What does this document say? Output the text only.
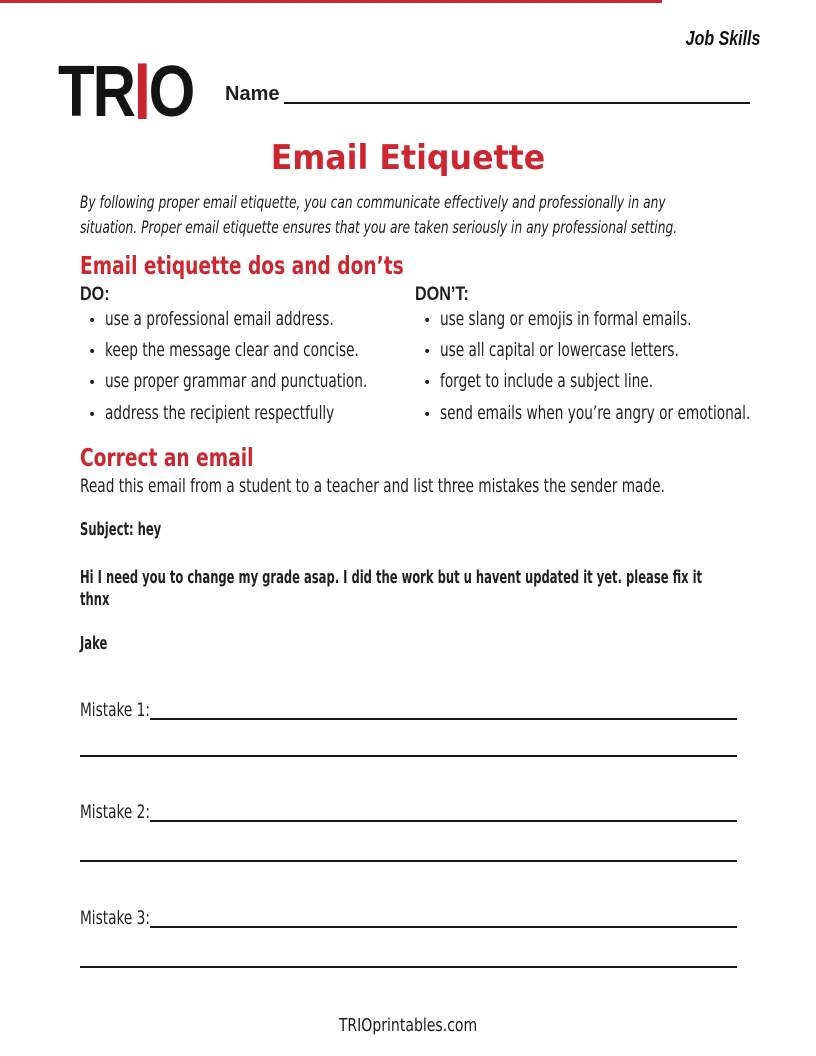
Job Skills
TRIO Name
Email Etiquette
By following proper email etiquette, you can communicate effectively and professionally in any
situation. Proper email etiquette ensures that you are taken seriously in any professional setting.
Email etiquette dos and don’ts
DO:
• use a professional email address.
• keep the message clear and concise.
• use proper grammar and punctuation.
• address the recipient respectfully
DON’T:
• use slang or emojis in formal emails.
• use all capital or lowercase letters.
• forget to include a subject line.
• send emails when you’re angry or emotional.
Correct an email
Read this email from a student to a teacher and list three mistakes the sender made.
Subject: hey
Hi I need you to change my grade asap. I did the work but u havent updated it yet. please fix it
thnx
Jake
Mistake 1:
Mistake 2:
Mistake 3:
TRIOprintables.com
